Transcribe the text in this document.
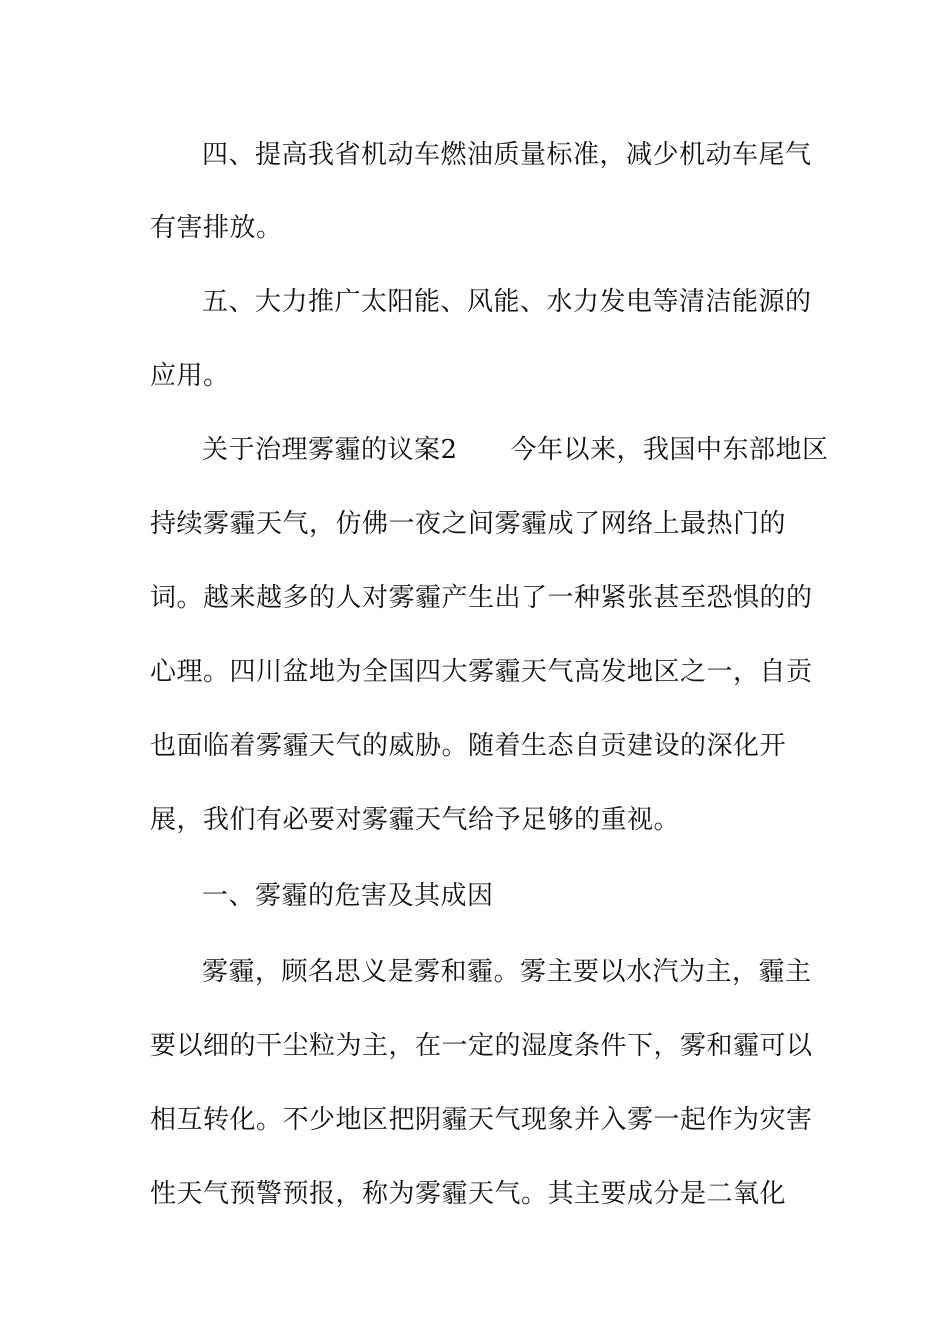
四、提高我省机动车燃油质量标准，减少机动车尾气
有害排放。
五、大力推广太阳能、风能、水力发电等清洁能源的
应用。
关于治理雾霾的议案2　　今年以来，我国中东部地区
持续雾霾天气，仿佛一夜之间雾霾成了网络上最热门的
词。越来越多的人对雾霾产生出了一种紧张甚至恐惧的的
心理。四川盆地为全国四大雾霾天气高发地区之一，自贡
也面临着雾霾天气的威胁。随着生态自贡建设的深化开
展，我们有必要对雾霾天气给予足够的重视。
一、雾霾的危害及其成因
雾霾，顾名思义是雾和霾。雾主要以水汽为主，霾主
要以细的干尘粒为主，在一定的湿度条件下，雾和霾可以
相互转化。不少地区把阴霾天气现象并入雾一起作为灾害
性天气预警预报，称为雾霾天气。其主要成分是二氧化
